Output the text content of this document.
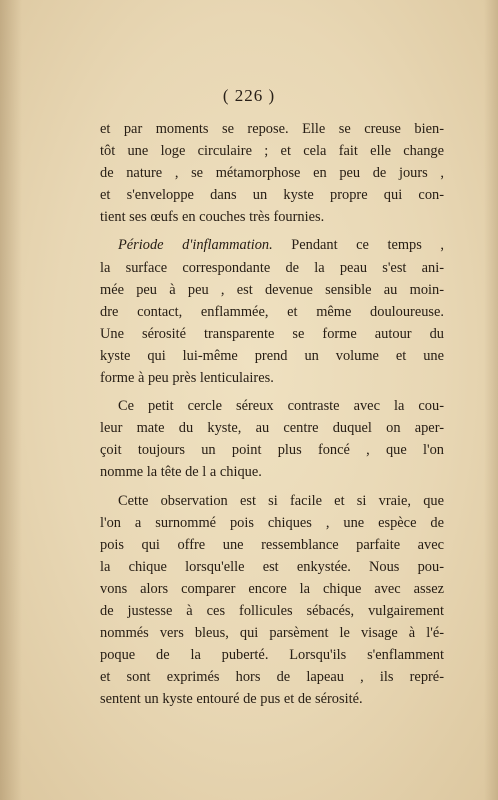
( 226 )
et par moments se repose. Elle se creuse bien-
tôt une loge circulaire ; et cela fait elle change
de nature , se métamorphose en peu de jours ,
et s'enveloppe dans un kyste propre qui con-
tient ses œufs en couches très fournies.
Période d'inflammation. Pendant ce temps ,
la surface correspondante de la peau s'est ani-
mée peu à peu , est devenue sensible au moin-
dre contact, enflammée, et même douloureuse.
Une sérosité transparente se forme autour du
kyste qui lui-même prend un volume et une
forme à peu près lenticulaires.
Ce petit cercle séreux contraste avec la cou-
leur mate du kyste, au centre duquel on aper-
çoit toujours un point plus foncé , que l'on
nomme la tête de l a chique.
Cette observation est si facile et si vraie, que
l'on a surnommé pois chiques , une espèce de
pois qui offre une ressemblance parfaite avec
la chique lorsqu'elle est enkystée. Nous pou-
vons alors comparer encore la chique avec assez
de justesse à ces follicules sébacés, vulgairement
nommés vers bleus, qui parsèment le visage à l'é-
poque de la puberté. Lorsqu'ils s'enflamment
et sont exprimés hors de lapeau , ils repré-
sentent un kyste entouré de pus et de sérosité.
